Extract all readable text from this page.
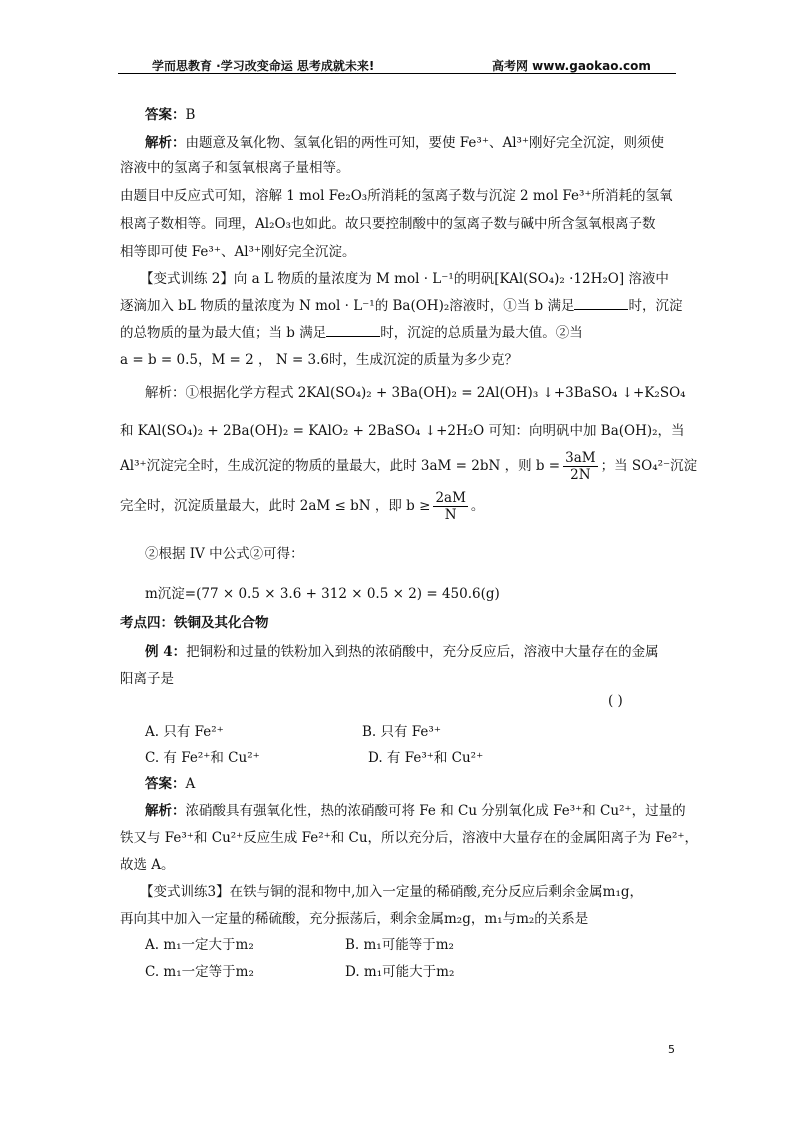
学而思教育 ·学习改变命运 思考成就未来!	高考网 www.gaokao.com
答案：B
解析：由题意及氧化物、氢氧化铝的两性可知，要使 Fe³⁺、Al³⁺刚好完全沉淀，则须使
溶液中的氢离子和氢氧根离子量相等。
由题目中反应式可知，溶解 1 mol Fe₂O₃所消耗的氢离子数与沉淀 2 mol Fe³⁺所消耗的氢氧
根离子数相等。同理，Al₂O₃也如此。故只要控制酸中的氢离子数与碱中所含氢氧根离子数
相等即可使 Fe³⁺、Al³⁺刚好完全沉淀。
【变式训练 2】向 a L 物质的量浓度为 M mol · L⁻¹的明矾[KAl(SO₄)₂ ·12H₂O] 溶液中
逐滴加入 bL 物质的量浓度为 N mol · L⁻¹的 Ba(OH)₂溶液时，①当 b 满足	时，沉淀
的总物质的量为最大值；当 b 满足	时，沉淀的总质量为最大值。②当
a = b = 0.5，M = 2 ， N = 3.6时，生成沉淀的质量为多少克？
解析：①根据化学方程式 2KAl(SO₄)₂ + 3Ba(OH)₂ = 2Al(OH)₃ ↓+3BaSO₄ ↓+K₂SO₄
和 KAl(SO₄)₂ + 2Ba(OH)₂ = KAlO₂ + 2BaSO₄ ↓+2H₂O 可知：向明矾中加 Ba(OH)₂，当
Al³⁺沉淀完全时，生成沉淀的物质的量最大，此时 3aM = 2bN ，则 $b = \frac{3aM}{2N}$ ；当 SO₄²⁻沉淀
完全时，沉淀质量最大，此时 2aM ≤ bN ，即 $b \ge \frac{2aM}{N}$ 。
②根据 IV 中公式②可得：
m沉淀=(77 × 0.5 × 3.6 + 312 × 0.5 × 2) = 450.6(g)
考点四：铁铜及其化合物
例 4：把铜粉和过量的铁粉加入到热的浓硝酸中，充分反应后，溶液中大量存在的金属
阳离子是
( )
A. 只有 Fe²⁺	B. 只有 Fe³⁺
C. 有 Fe²⁺和 Cu²⁺	D. 有 Fe³⁺和 Cu²⁺
答案：A
解析：浓硝酸具有强氧化性，热的浓硝酸可将 Fe 和 Cu 分别氧化成 Fe³⁺和 Cu²⁺，过量的
铁又与 Fe³⁺和 Cu²⁺反应生成 Fe²⁺和 Cu，所以充分后，溶液中大量存在的金属阳离子为 Fe²⁺，
故选 A。
【变式训练3】在铁与铜的混和物中,加入一定量的稀硝酸,充分反应后剩余金属m₁g，
再向其中加入一定量的稀硫酸，充分振荡后，剩余金属m₂g，m₁与m₂的关系是
A. m₁一定大于m₂	B. m₁可能等于m₂
C. m₁一定等于m₂	D. m₁可能大于m₂
5
